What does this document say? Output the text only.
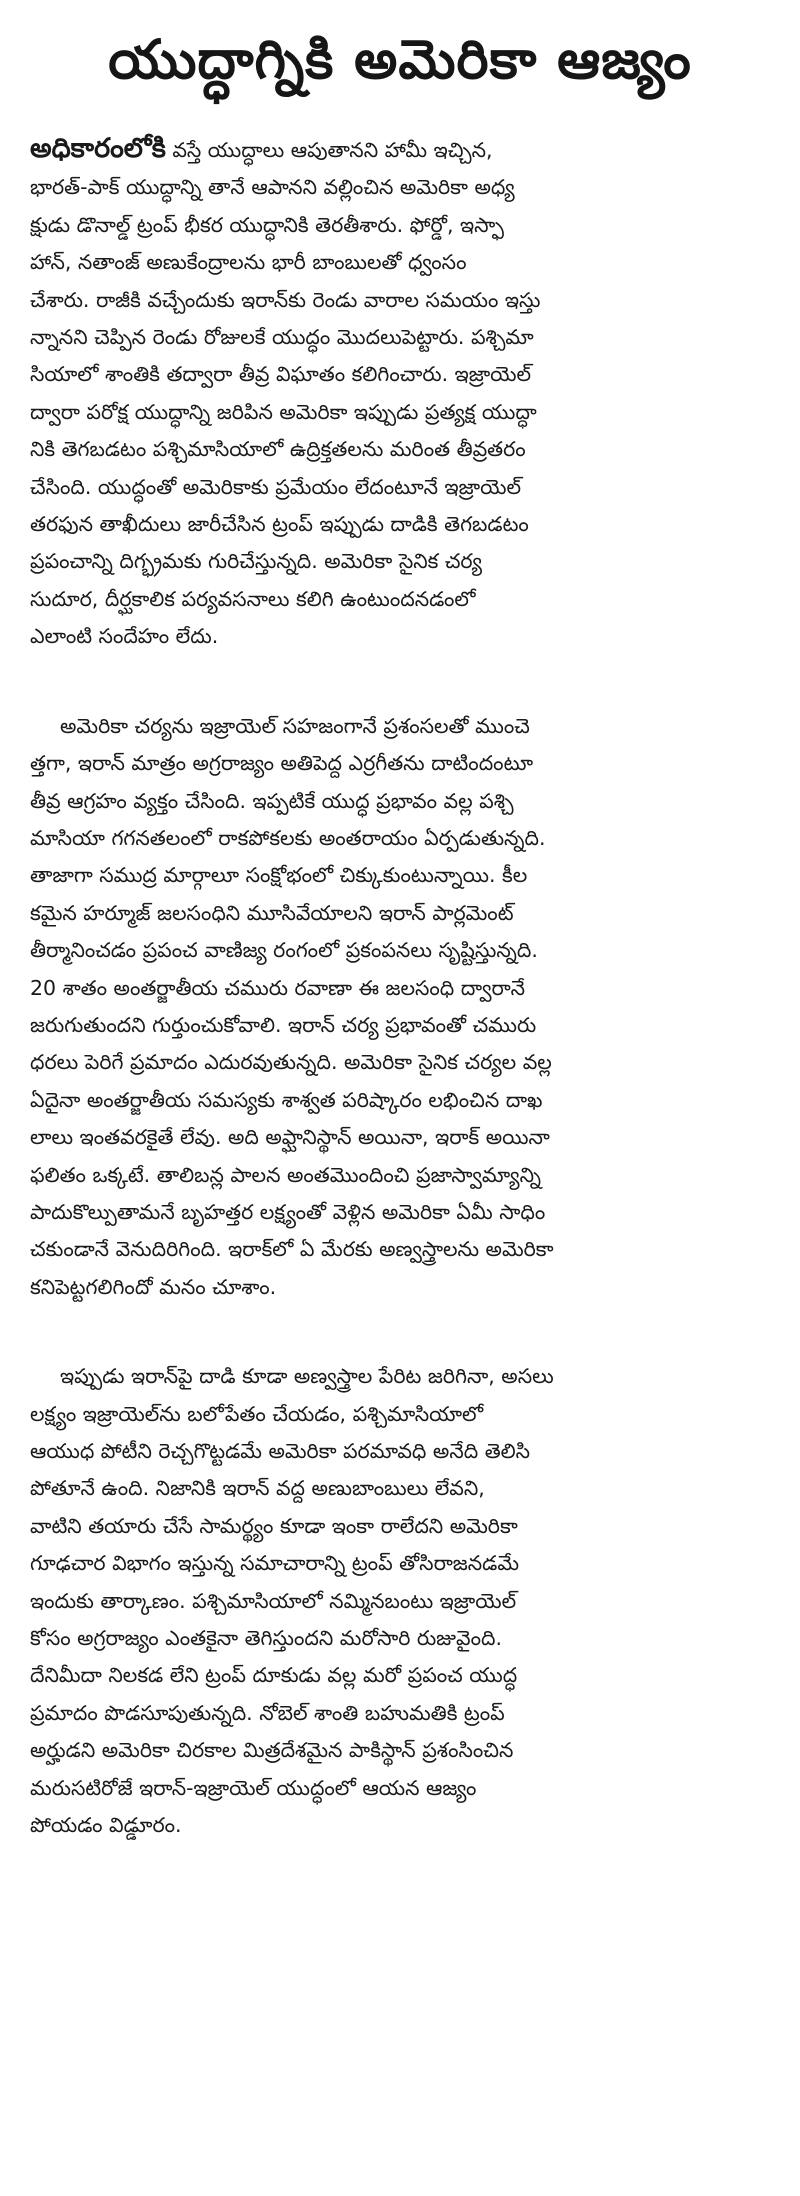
యుద్ధాగ్నికి అమెరికా ఆజ్యం

అధికారంలోకి వస్తే యుద్ధాలు ఆపుతానని హామీ ఇచ్చిన,
భారత్-పాక్ యుద్ధాన్ని తానే ఆపానని వల్లించిన అమెరికా అధ్య
క్షుడు డొనాల్డ్ ట్రంప్ భీకర యుద్ధానికి తెరతీశారు. ఫోర్డో, ఇస్ఫా
హాన్, నతాంజ్ అణుకేంద్రాలను భారీ బాంబులతో ధ్వంసం
చేశారు. రాజీకి వచ్చేందుకు ఇరాన్‌కు రెండు వారాల సమయం ఇస్తు
న్నానని చెప్పిన రెండు రోజులకే యుద్ధం మొదలుపెట్టారు. పశ్చిమా
సియాలో శాంతికి తద్వారా తీవ్ర విఘాతం కలిగించారు. ఇజ్రాయెల్
ద్వారా పరోక్ష యుద్ధాన్ని జరిపిన అమెరికా ఇప్పుడు ప్రత్యక్ష యుద్ధా
నికి తెగబడటం పశ్చిమాసియాలో ఉద్రిక్తతలను మరింత తీవ్రతరం
చేసింది. యుద్ధంతో అమెరికాకు ప్రమేయం లేదంటూనే ఇజ్రాయెల్
తరఫున తాఖీదులు జారీచేసిన ట్రంప్ ఇప్పుడు దాడికి తెగబడటం
ప్రపంచాన్ని దిగ్భ్రమకు గురిచేస్తున్నది. అమెరికా సైనిక చర్య
సుదూర, దీర్ఘకాలిక పర్యవసనాలు కలిగి ఉంటుందనడంలో
ఎలాంటి సందేహం లేదు.

అమెరికా చర్యను ఇజ్రాయెల్ సహజంగానే ప్రశంసలతో ముంచె
త్తగా, ఇరాన్ మాత్రం అగ్రరాజ్యం అతిపెద్ద ఎర్రగీతను దాటిందంటూ
తీవ్ర ఆగ్రహం వ్యక్తం చేసింది. ఇప్పటికే యుద్ధ ప్రభావం వల్ల పశ్చి
మాసియా గగనతలంలో రాకపోకలకు అంతరాయం ఏర్పడుతున్నది.
తాజాగా సముద్ర మార్గాలూ సంక్షోభంలో చిక్కుకుంటున్నాయి. కీల
కమైన హర్మూజ్ జలసంధిని మూసివేయాలని ఇరాన్ పార్లమెంట్
తీర్మానించడం ప్రపంచ వాణిజ్య రంగంలో ప్రకంపనలు సృష్టిస్తున్నది.
20 శాతం అంతర్జాతీయ చమురు రవాణా ఈ జలసంధి ద్వారానే
జరుగుతుందని గుర్తుంచుకోవాలి. ఇరాన్ చర్య ప్రభావంతో చమురు
ధరలు పెరిగే ప్రమాదం ఎదురవుతున్నది. అమెరికా సైనిక చర్యల వల్ల
ఏదైనా అంతర్జాతీయ సమస్యకు శాశ్వత పరిష్కారం లభించిన దాఖ
లాలు ఇంతవరకైతే లేవు. అది అఫ్ఘానిస్థాన్ అయినా, ఇరాక్ అయినా
ఫలితం ఒక్కటే. తాలిబన్ల పాలన అంతమొందించి ప్రజాస్వామ్యాన్ని
పాదుకొల్పుతామనే బృహత్తర లక్ష్యంతో వెళ్లిన అమెరికా ఏమీ సాధిం
చకుండానే వెనుదిరిగింది. ఇరాక్‌లో ఏ మేరకు అణ్వస్త్రాలను అమెరికా
కనిపెట్టగలిగిందో మనం చూశాం.

ఇప్పుడు ఇరాన్‌పై దాడి కూడా అణ్వస్త్రాల పేరిట జరిగినా, అసలు
లక్ష్యం ఇజ్రాయెల్‌ను బలోపేతం చేయడం, పశ్చిమాసియాలో
ఆయుధ పోటీని రెచ్చగొట్టడమే అమెరికా పరమావధి అనేది తెలిసి
పోతూనే ఉంది. నిజానికి ఇరాన్ వద్ద అణుబాంబులు లేవని,
వాటిని తయారు చేసే సామర్థ్యం కూడా ఇంకా రాలేదని అమెరికా
గూఢచార విభాగం ఇస్తున్న సమాచారాన్ని ట్రంప్ తోసిరాజనడమే
ఇందుకు తార్కాణం. పశ్చిమాసియాలో నమ్మినబంటు ఇజ్రాయెల్
కోసం అగ్రరాజ్యం ఎంతకైనా తెగిస్తుందని మరోసారి రుజువైంది.
దేనిమీదా నిలకడ లేని ట్రంప్ దూకుడు వల్ల మరో ప్రపంచ యుద్ధ
ప్రమాదం పొడసూపుతున్నది. నోబెల్ శాంతి బహుమతికి ట్రంప్
అర్హుడని అమెరికా చిరకాల మిత్రదేశమైన పాకిస్థాన్ ప్రశంసించిన
మరుసటిరోజే ఇరాన్-ఇజ్రాయెల్ యుద్ధంలో ఆయన ఆజ్యం
పోయడం విడ్డూరం.
